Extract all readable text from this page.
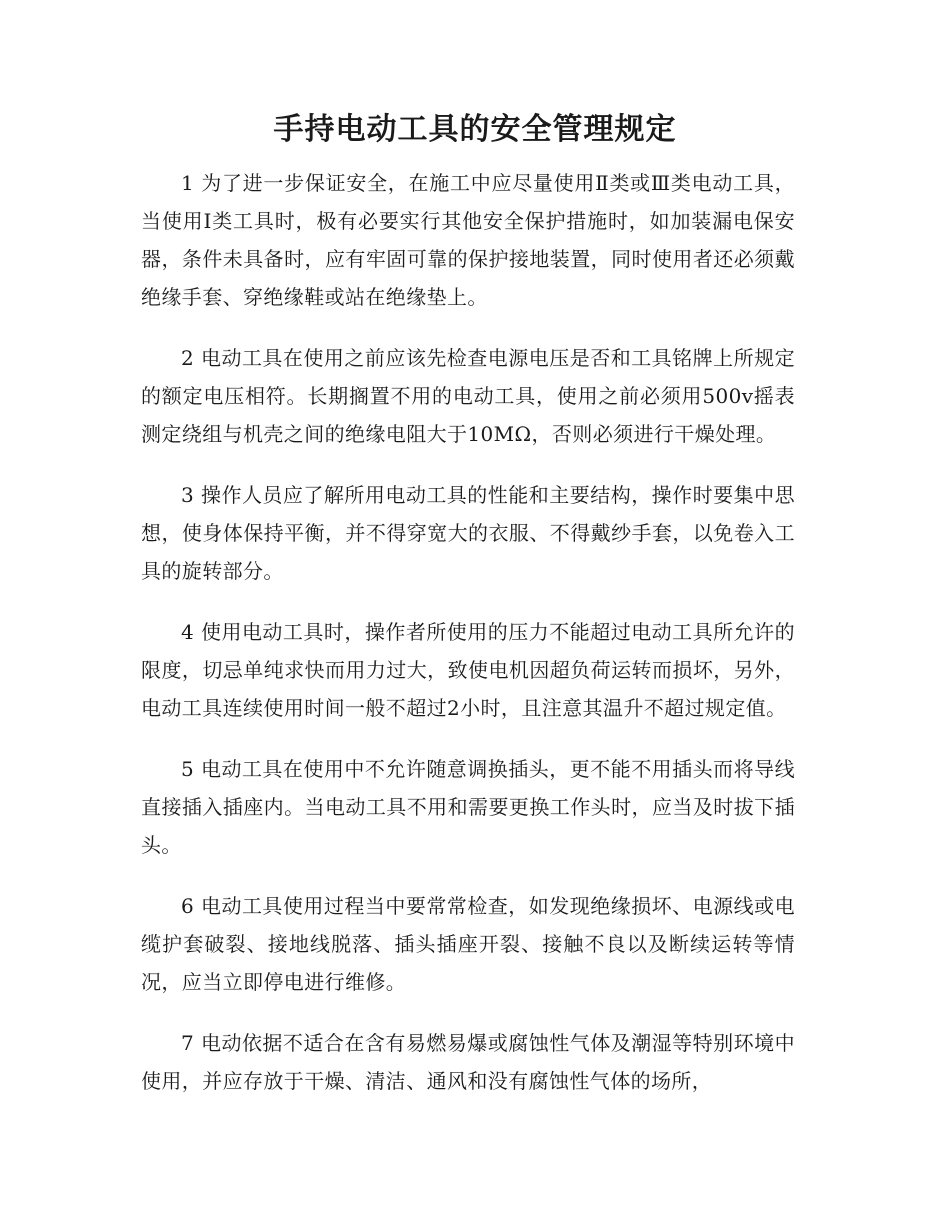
手持电动工具的安全管理规定

1 为了进一步保证安全，在施工中应尽量使用Ⅱ类或Ⅲ类电动工具，当使用Ⅰ类工具时，极有必要实行其他安全保护措施时，如加装漏电保安器，条件未具备时，应有牢固可靠的保护接地装置，同时使用者还必须戴绝缘手套、穿绝缘鞋或站在绝缘垫上。

2 电动工具在使用之前应该先检查电源电压是否和工具铭牌上所规定的额定电压相符。长期搁置不用的电动工具，使用之前必须用500v摇表测定绕组与机壳之间的绝缘电阻大于10MΩ，否则必须进行干燥处理。

3 操作人员应了解所用电动工具的性能和主要结构，操作时要集中思想，使身体保持平衡，并不得穿宽大的衣服、不得戴纱手套，以免卷入工具的旋转部分。

4 使用电动工具时，操作者所使用的压力不能超过电动工具所允许的限度，切忌单纯求快而用力过大，致使电机因超负荷运转而损坏，另外，电动工具连续使用时间一般不超过2小时，且注意其温升不超过规定值。

5 电动工具在使用中不允许随意调换插头，更不能不用插头而将导线直接插入插座内。当电动工具不用和需要更换工作头时，应当及时拔下插头。

6 电动工具使用过程当中要常常检查，如发现绝缘损坏、电源线或电缆护套破裂、接地线脱落、插头插座开裂、接触不良以及断续运转等情况，应当立即停电进行维修。

7 电动依据不适合在含有易燃易爆或腐蚀性气体及潮湿等特别环境中使用，并应存放于干燥、清洁、通风和没有腐蚀性气体的场所，
